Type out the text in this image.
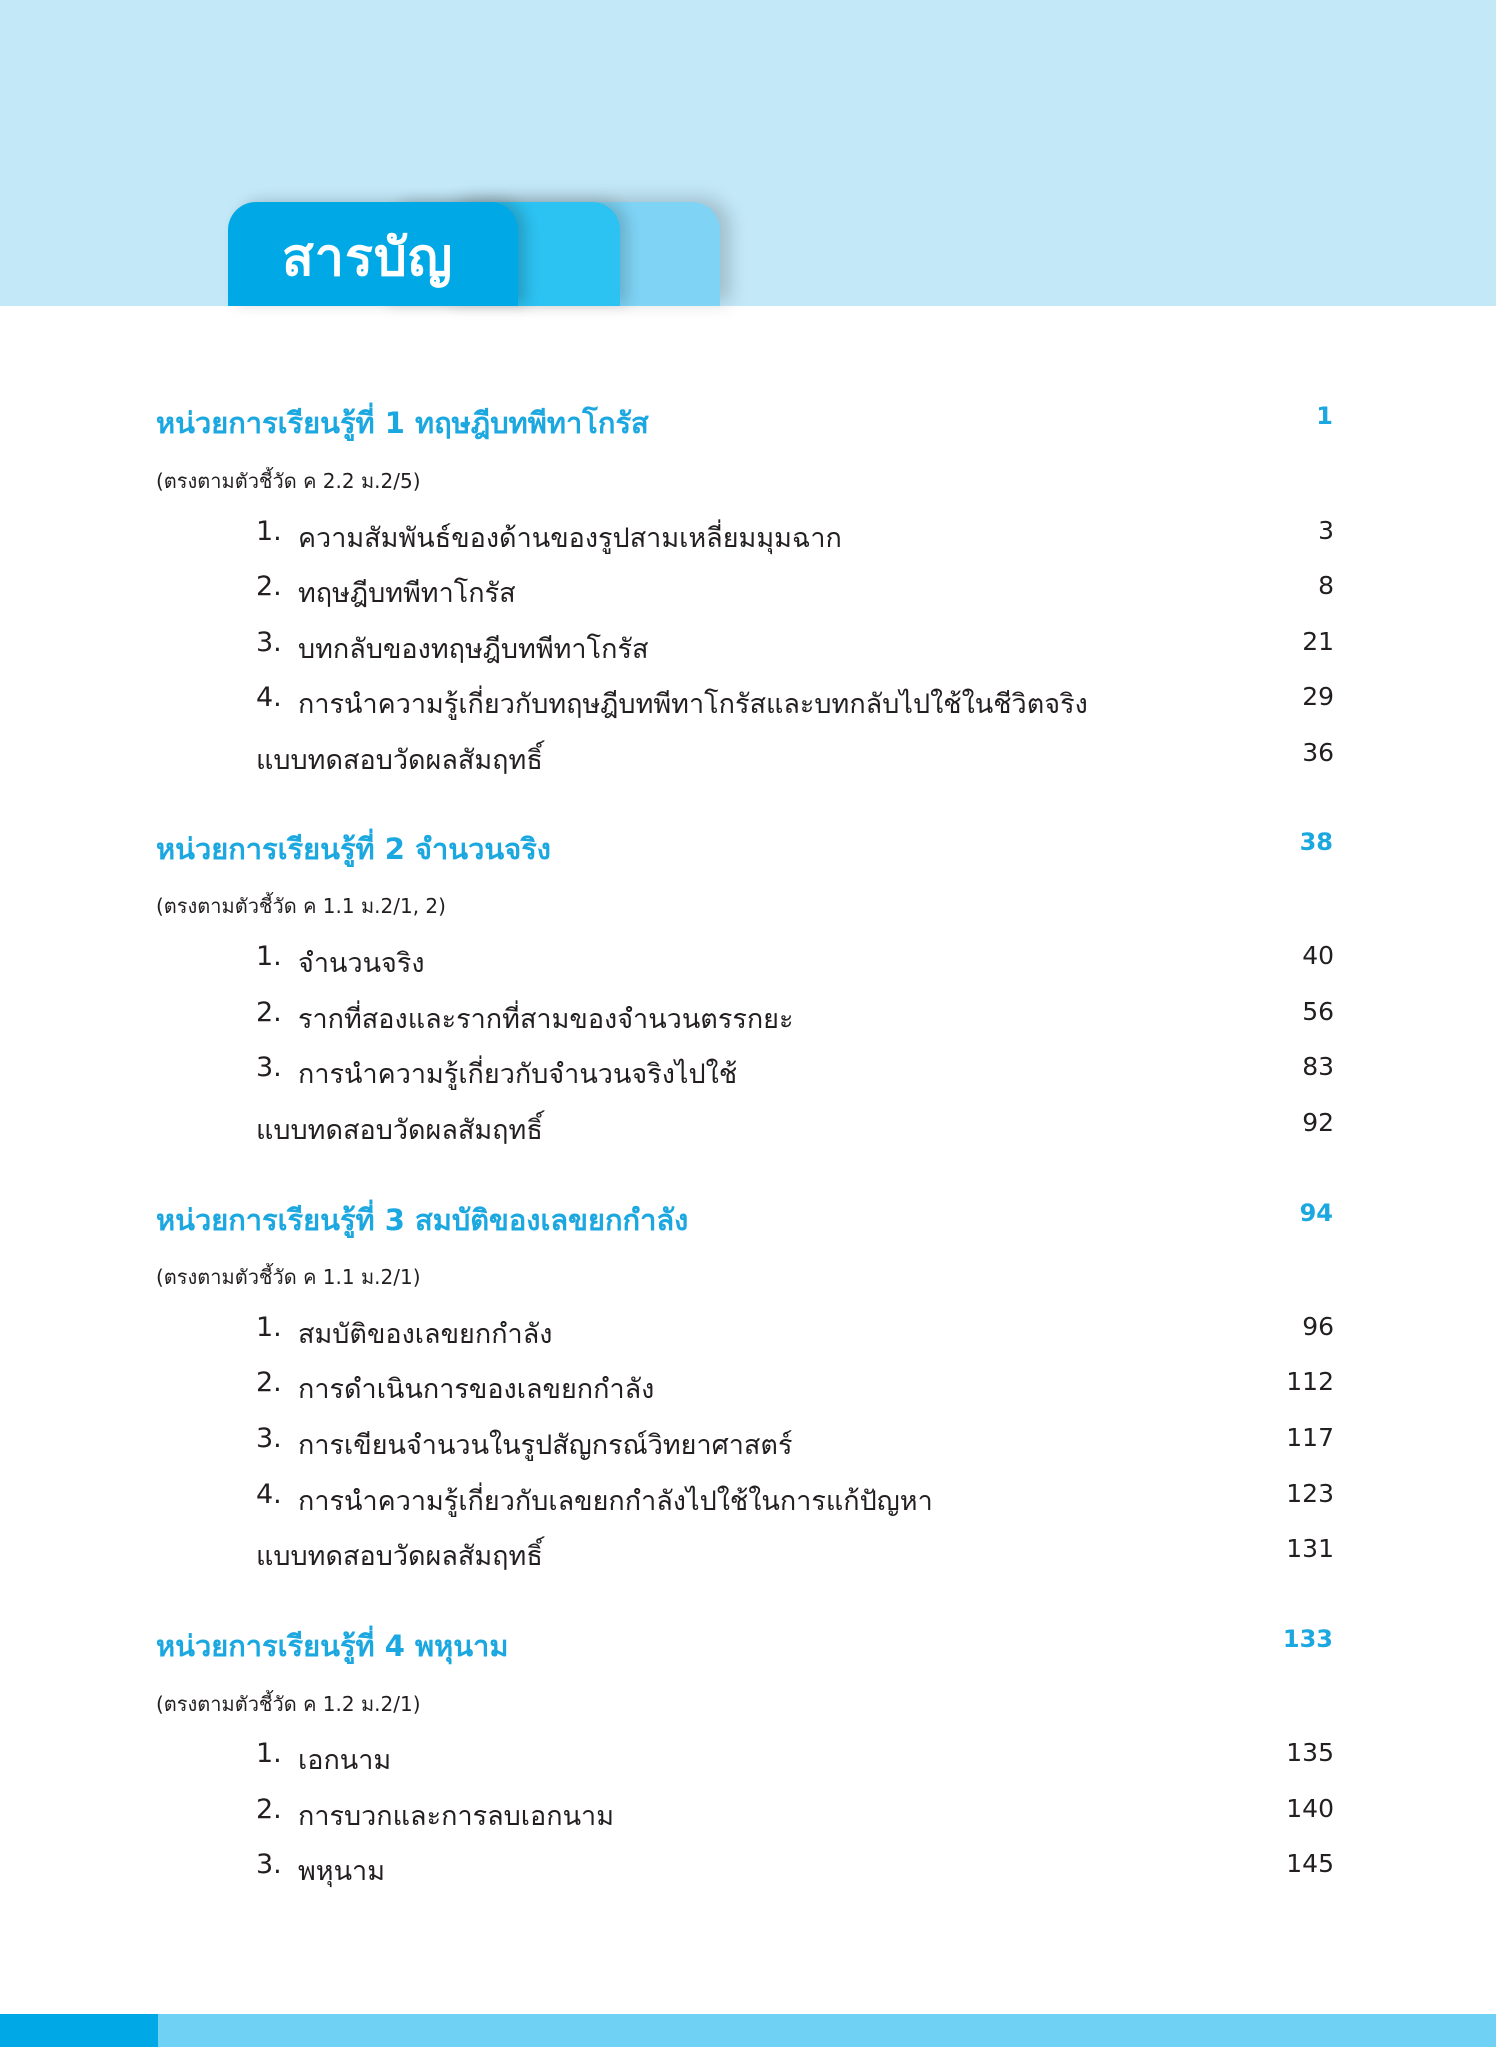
สารบัญ
หน่วยการเรียนรู้ที่ 1 ทฤษฎีบทพีทาโกรัส	1
(ตรงตามตัวชี้วัด ค 2.2 ม.2/5)
1. ความสัมพันธ์ของด้านของรูปสามเหลี่ยมมุมฉาก	3
2. ทฤษฎีบทพีทาโกรัส	8
3. บทกลับของทฤษฎีบทพีทาโกรัส	21
4. การนำความรู้เกี่ยวกับทฤษฎีบทพีทาโกรัสและบทกลับไปใช้ในชีวิตจริง	29
แบบทดสอบวัดผลสัมฤทธิ์	36
หน่วยการเรียนรู้ที่ 2 จำนวนจริง	38
(ตรงตามตัวชี้วัด ค 1.1 ม.2/1, 2)
1. จำนวนจริง	40
2. รากที่สองและรากที่สามของจำนวนตรรกยะ	56
3. การนำความรู้เกี่ยวกับจำนวนจริงไปใช้	83
แบบทดสอบวัดผลสัมฤทธิ์	92
หน่วยการเรียนรู้ที่ 3 สมบัติของเลขยกกำลัง	94
(ตรงตามตัวชี้วัด ค 1.1 ม.2/1)
1. สมบัติของเลขยกกำลัง	96
2. การดำเนินการของเลขยกกำลัง	112
3. การเขียนจำนวนในรูปสัญกรณ์วิทยาศาสตร์	117
4. การนำความรู้เกี่ยวกับเลขยกกำลังไปใช้ในการแก้ปัญหา	123
แบบทดสอบวัดผลสัมฤทธิ์	131
หน่วยการเรียนรู้ที่ 4 พหุนาม	133
(ตรงตามตัวชี้วัด ค 1.2 ม.2/1)
1. เอกนาม	135
2. การบวกและการลบเอกนาม	140
3. พหุนาม	145
